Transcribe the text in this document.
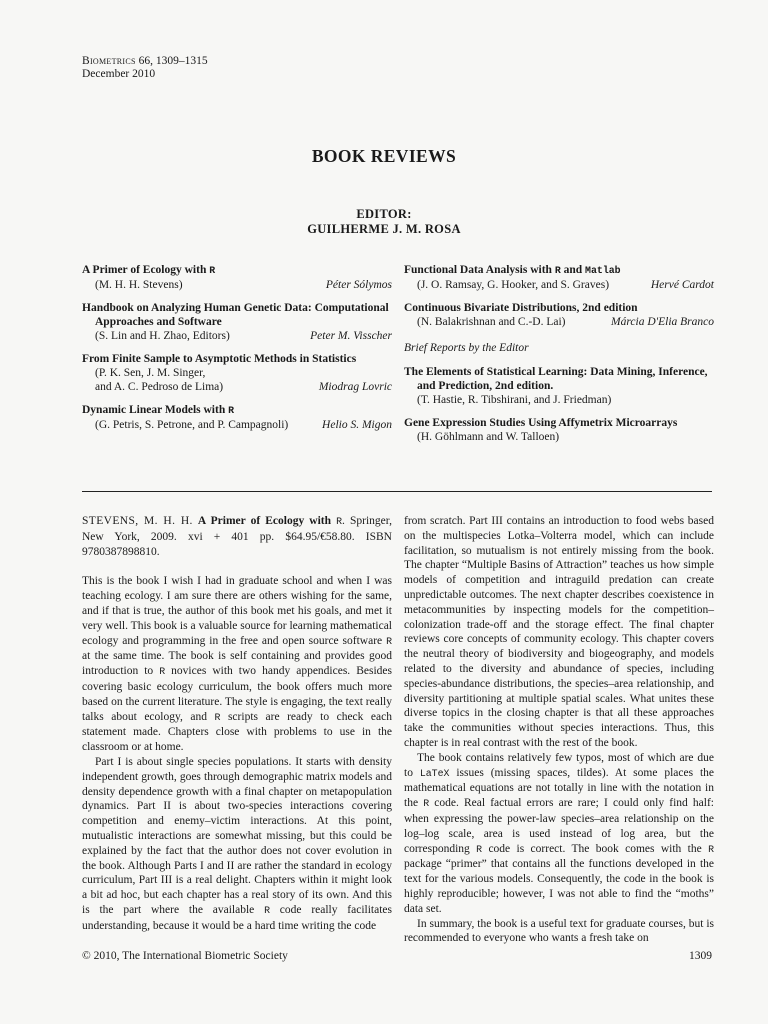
Biometrics 66, 1309–1315
December 2010
BOOK REVIEWS
EDITOR:
GUILHERME J. M. ROSA
A Primer of Ecology with R
(M. H. H. Stevens)	Péter Sólymos
Handbook on Analyzing Human Genetic Data: Computational Approaches and Software
(S. Lin and H. Zhao, Editors)	Peter M. Visscher
From Finite Sample to Asymptotic Methods in Statistics
(P. K. Sen, J. M. Singer,
and A. C. Pedroso de Lima)	Miodrag Lovric
Dynamic Linear Models with R
(G. Petris, S. Petrone, and P. Campagnoli)	Helio S. Migon
Functional Data Analysis with R and Matlab
(J. O. Ramsay, G. Hooker, and S. Graves)	Hervé Cardot
Continuous Bivariate Distributions, 2nd edition
(N. Balakrishnan and C.-D. Lai)	Márcia D'Elia Branco
Brief Reports by the Editor
The Elements of Statistical Learning: Data Mining, Inference, and Prediction, 2nd edition.
(T. Hastie, R. Tibshirani, and J. Friedman)
Gene Expression Studies Using Affymetrix Microarrays
(H. Göhlmann and W. Talloen)

STEVENS, M. H. H. A Primer of Ecology with R. Springer, New York, 2009. xvi + 401 pp. $64.95/€58.80. ISBN 9780387898810.

This is the book I wish I had in graduate school and when I was teaching ecology. I am sure there are others wishing for the same, and if that is true, the author of this book met his goals, and met it very well. This book is a valuable source for learning mathematical ecology and programming in the free and open source software R at the same time. The book is self containing and provides good introduction to R novices with two handy appendices. Besides covering basic ecology curriculum, the book offers much more based on the current literature. The style is engaging, the text really talks about ecology, and R scripts are ready to check each statement made. Chapters close with problems to use in the classroom or at home.

Part I is about single species populations. It starts with density independent growth, goes through demographic matrix models and density dependence growth with a final chapter on metapopulation dynamics. Part II is about two-species interactions covering competition and enemy–victim interactions. At this point, mutualistic interactions are somewhat missing, but this could be explained by the fact that the author does not cover evolution in the book. Although Parts I and II are rather the standard in ecology curriculum, Part III is a real delight. Chapters within it might look a bit ad hoc, but each chapter has a real story of its own. And this is the part where the available R code really facilitates understanding, because it would be a hard time writing the code

from scratch. Part III contains an introduction to food webs based on the multispecies Lotka–Volterra model, which can include facilitation, so mutualism is not entirely missing from the book. The chapter “Multiple Basins of Attraction” teaches us how simple models of competition and intraguild predation can create unpredictable outcomes. The next chapter describes coexistence in metacommunities by inspecting models for the competition–colonization trade-off and the storage effect. The final chapter reviews core concepts of community ecology. This chapter covers the neutral theory of biodiversity and biogeography, and models related to the diversity and abundance of species, including species-abundance distributions, the species–area relationship, and diversity partitioning at multiple spatial scales. What unites these diverse topics in the closing chapter is that all these approaches take the communities without species interactions. Thus, this chapter is in real contrast with the rest of the book.

The book contains relatively few typos, most of which are due to LaTeX issues (missing spaces, tildes). At some places the mathematical equations are not totally in line with the notation in the R code. Real factual errors are rare; I could only find half: when expressing the power-law species–area relationship on the log–log scale, area is used instead of log area, but the corresponding R code is correct. The book comes with the R package “primer” that contains all the functions developed in the text for the various models. Consequently, the code in the book is highly reproducible; however, I was not able to find the “moths” data set.

In summary, the book is a useful text for graduate courses, but is recommended to everyone who wants a fresh take on

© 2010, The International Biometric Society	1309
